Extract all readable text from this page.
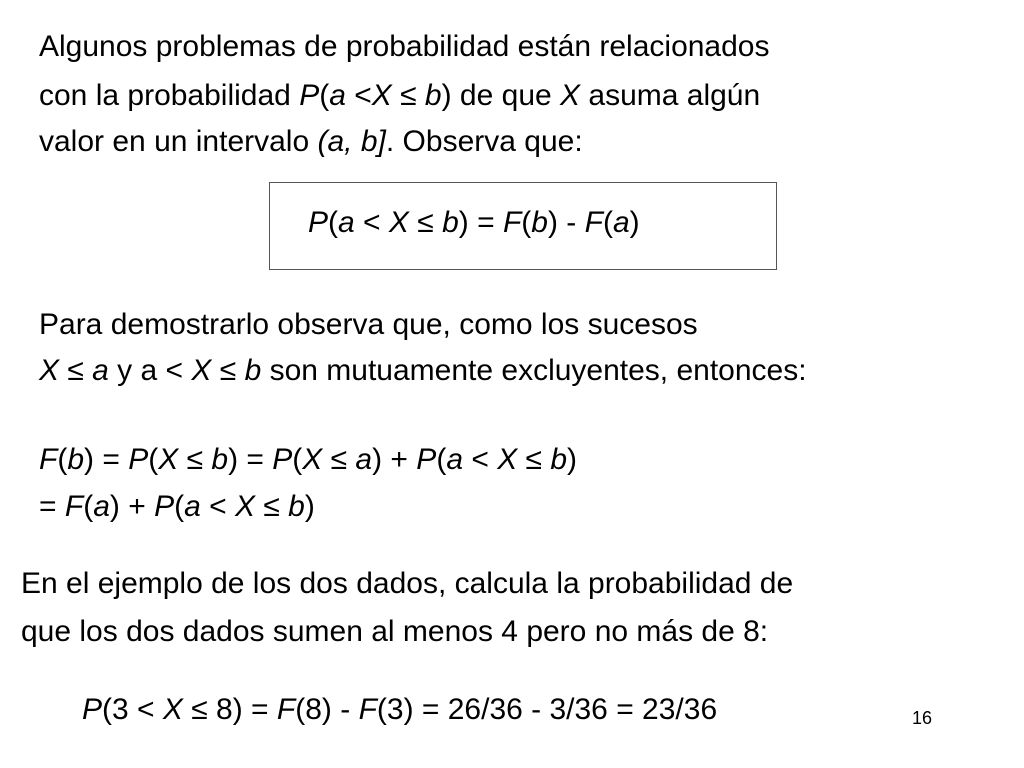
Algunos problemas de probabilidad están relacionados
con la probabilidad P(a <X ≤ b) de que X asuma algún
valor en un intervalo (a, b]. Observa que:
P(a < X ≤ b) = F(b) - F(a)
Para demostrarlo observa que, como los sucesos
X ≤ a y a < X ≤ b son mutuamente excluyentes, entonces:
F(b) = P(X ≤ b) = P(X ≤ a) + P(a < X ≤ b)
= F(a) + P(a < X ≤ b)
En el ejemplo de los dos dados, calcula la probabilidad de
que los dos dados sumen al menos 4 pero no más de 8:
P(3 < X ≤ 8) = F(8) - F(3) = 26/36 - 3/36 = 23/36	16
